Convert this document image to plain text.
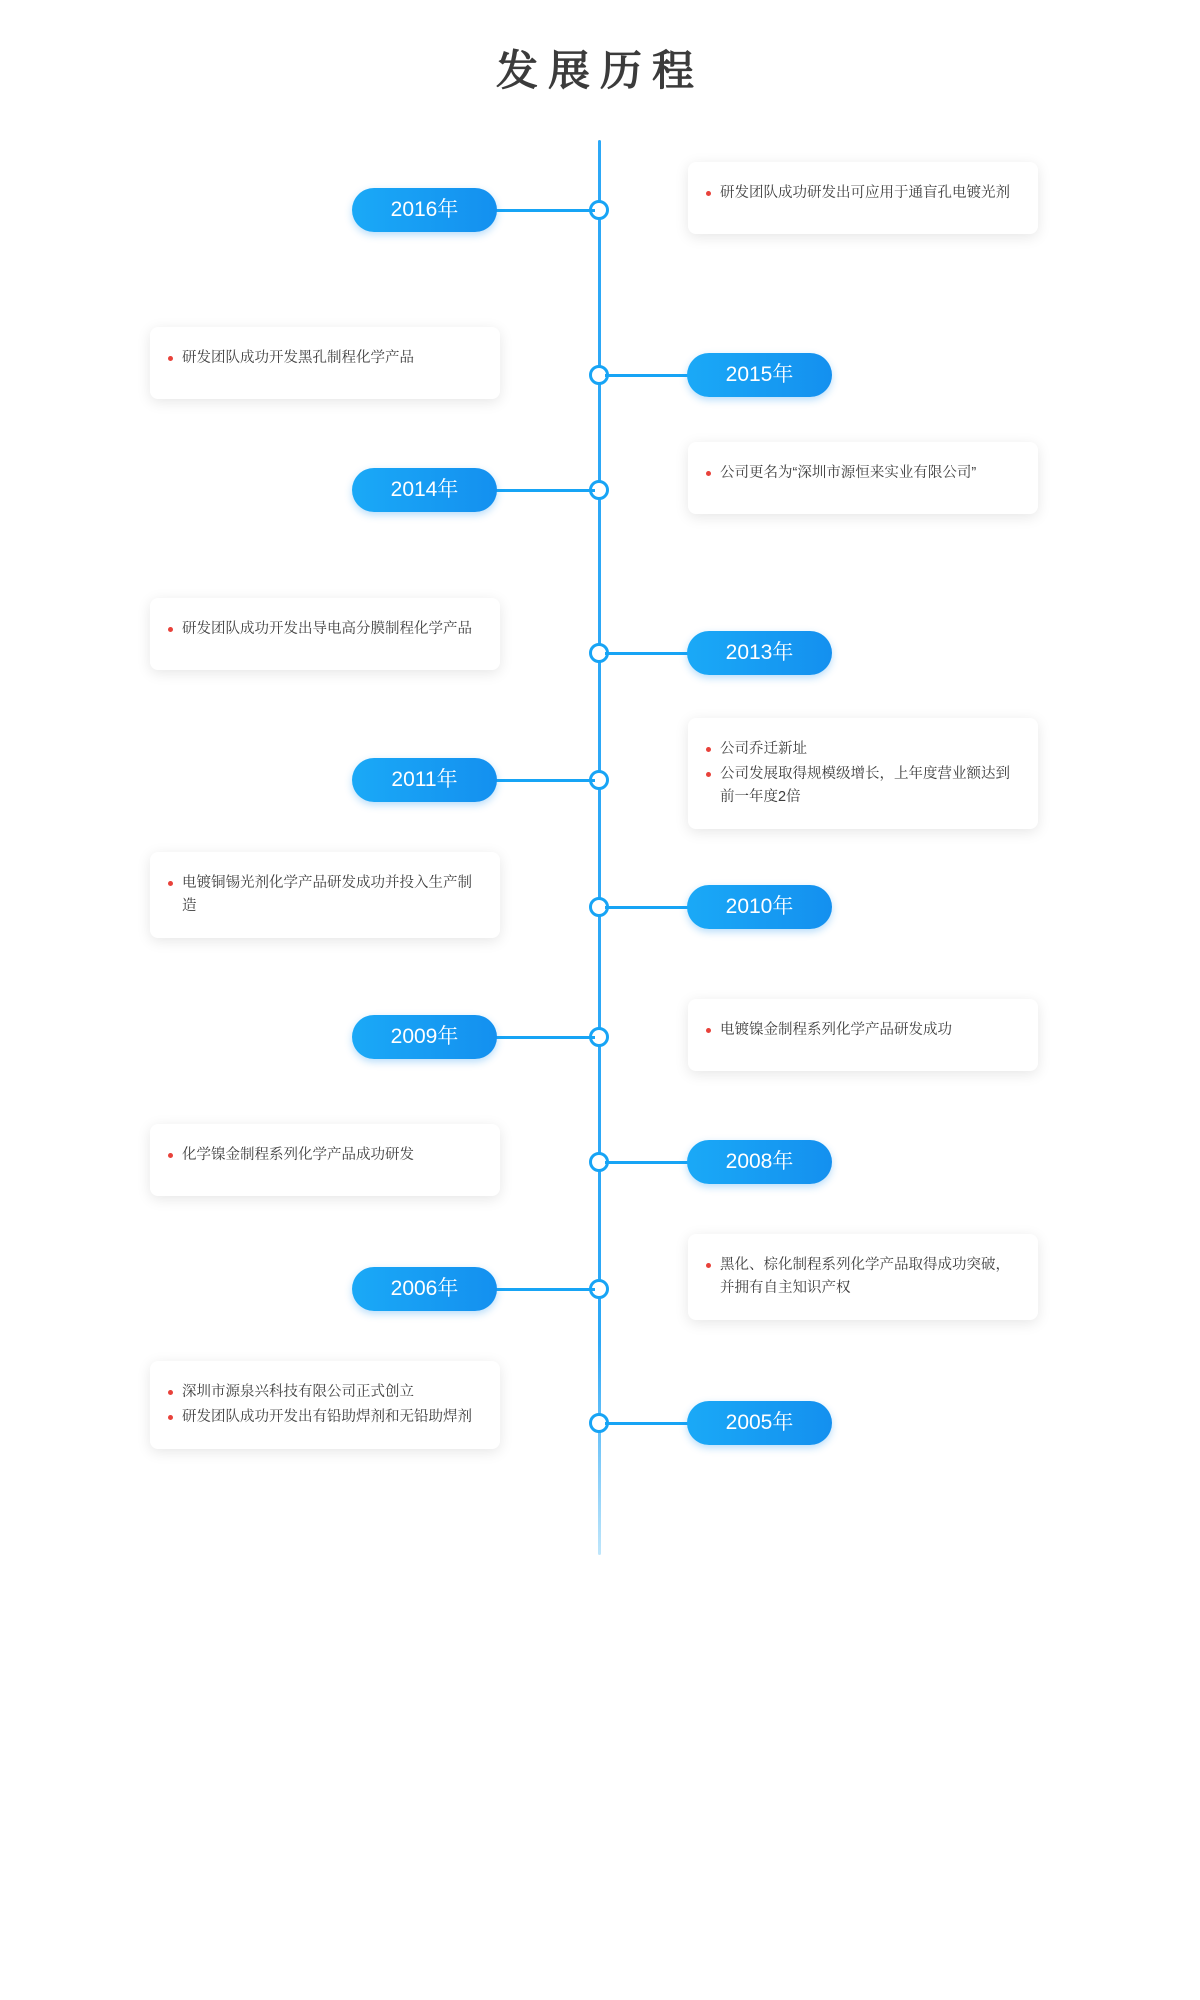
发展历程
2016年
研发团队成功研发出可应用于通盲孔电镀光剂
2015年
研发团队成功开发黑孔制程化学产品
2014年
公司更名为“深圳市源恒来实业有限公司”
2013年
研发团队成功开发出导电高分膜制程化学产品
2011年
公司乔迁新址
公司发展取得规模级增长，上年度营业额达到前一年度2倍
2010年
电镀铜锡光剂化学产品研发成功并投入生产制造
2009年	电镀镍金制程系列化学产品研发成功
2008年
化学镍金制程系列化学产品成功研发
2006年
黑化、棕化制程系列化学产品取得成功突破，并拥有自主知识产权
2005年
深圳市源泉兴科技有限公司正式创立
研发团队成功开发出有铅助焊剂和无铅助焊剂
